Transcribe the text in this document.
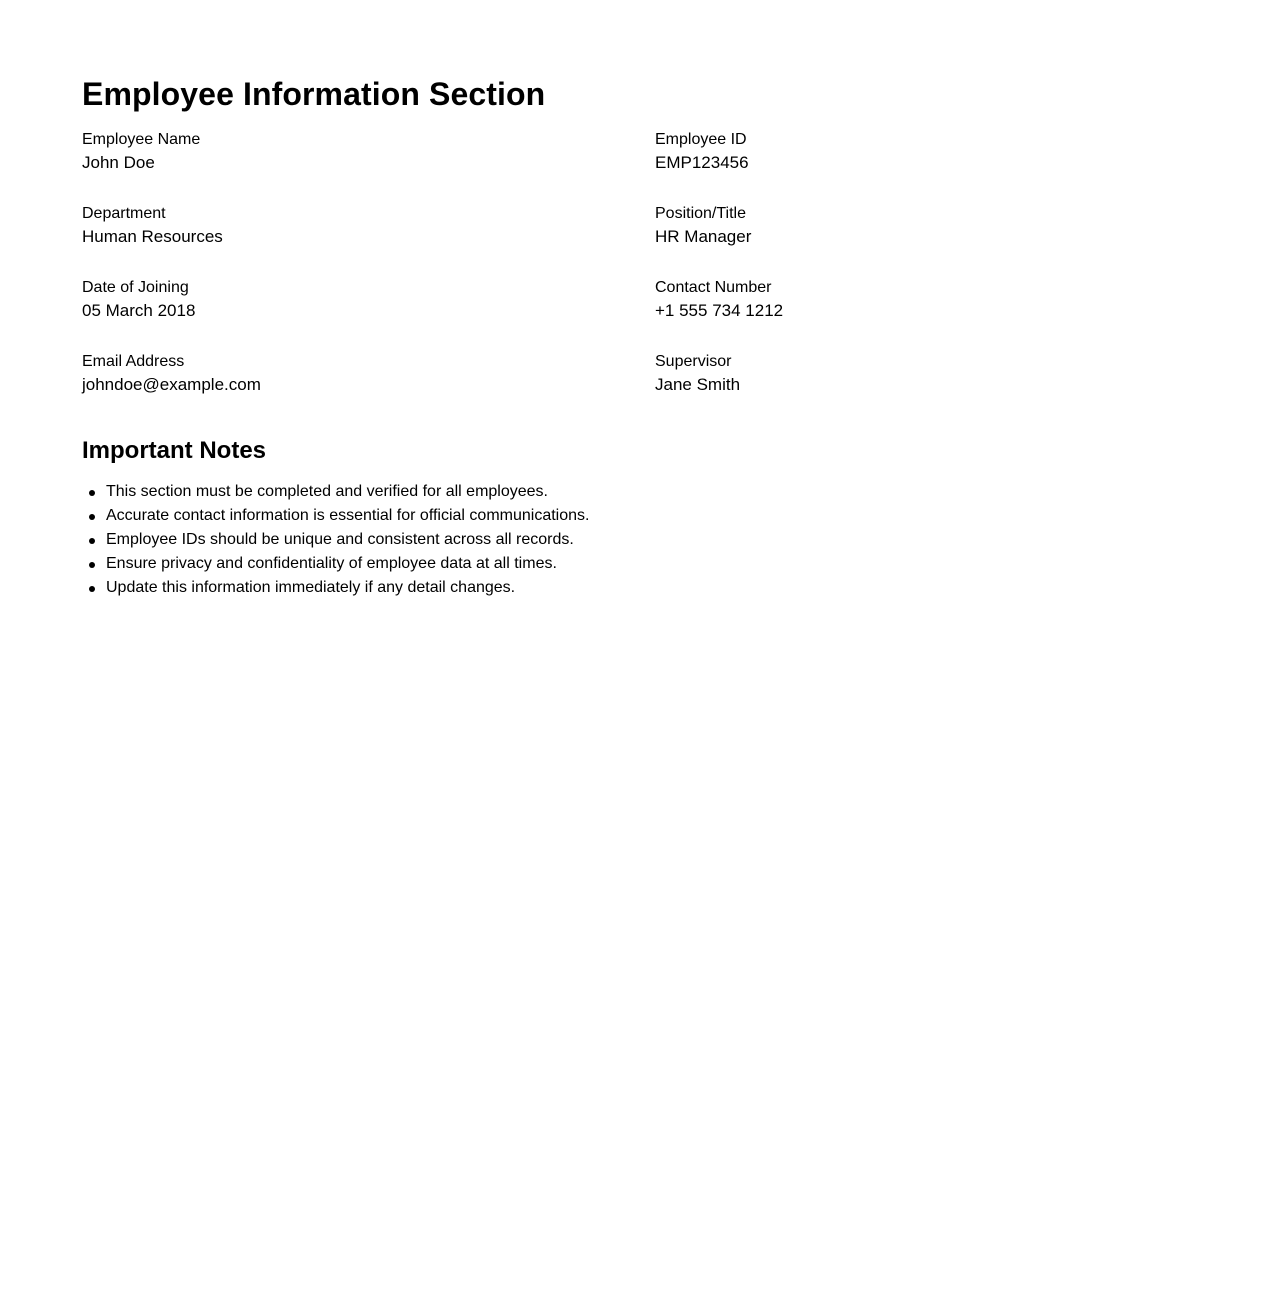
Employee Information Section
Employee Name
John Doe
Employee ID
EMP123456
Department
Human Resources
Position/Title
HR Manager
Date of Joining
05 March 2018
Contact Number
+1 555 734 1212
Email Address
johndoe@example.com
Supervisor
Jane Smith
Important Notes
This section must be completed and verified for all employees.
Accurate contact information is essential for official communications.
Employee IDs should be unique and consistent across all records.
Ensure privacy and confidentiality of employee data at all times.
Update this information immediately if any detail changes.
